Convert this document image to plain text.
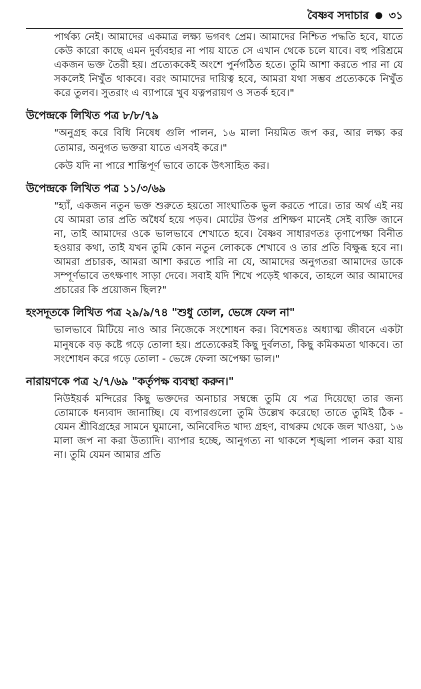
বৈষ্ণব সদাচার ● ৩১

পার্থক্য নেই। আমাদের একমাত্র লক্ষ্য ভগবৎ প্রেম। আমাদের নিশ্চিত পদ্ধতি হবে, যাতে কেউ কারো কাছে এমন দুর্ব্যবহার না পায় যাতে সে এখান থেকে চলে যাবে। বহু পরিশ্রমে একজন ভক্ত তৈরী হয়। প্রত্যেককেই অংশে পুর্নগঠিত হতে। তুমি আশা করতে পার না যে সকলেই নিখুঁত থাকবে। বরং আমাদের দায়িত্ব হবে, আমরা যথা সম্ভব প্রত্যেককে নিখুঁত করে তুলব। সুতরাং এ ব্যাপারে খুব যত্নপরায়ণ ও সতর্ক হবে।"

উপেন্দ্রকে লিখিত পত্র ৮/৮/৭৯

"অনুগ্রহ করে বিধি নিষেধ গুলি পালন, ১৬ মালা নিয়মিত জপ কর, আর লক্ষ্য কর তোমার, অনুগত ভক্তরা যাতে এসবই করে।"

কেউ যদি না পারে শান্তিপূর্ণ ভাবে তাকে উৎসাহিত কর।

উপেন্দ্রকে লিখিত পত্র ১১/৩/৬৯

"হ্যাঁ, একজন নতুন ভক্ত শুরুতে হয়তো সাংঘাতিক ভুল করতে পারে। তার অর্থ এই নয় যে আমরা তার প্রতি অধৈর্য হয়ে পড়ব। মোটের উপর প্রশিক্ষণ মানেই সেই ব্যক্তি জানে না, তাই আমাদের ওকে ভালভাবে শেখাতে হবে। বৈষ্ণব সাধারণতঃ তৃণাপেক্ষা বিনীত হওয়ার কথা, তাই যখন তুমি কোন নতুন লোককে শেখাবে ও তার প্রতি বিক্ষুব্ধ হবে না। আমরা প্রচারক, আমরা আশা করতে পারি না যে, আমাদের অনুগতরা আমাদের ডাকে সম্পূর্ণভাবে তৎক্ষণাৎ সাড়া দেবে। সবাই যদি শিখে পড়েই থাকবে, তাহলে আর আমাদের প্রচারের কি প্রয়োজন ছিল?"

হংসদূতকে লিখিত পত্র ২৯/৯/৭৪ "শুধু তোল, ভেঙ্গে ফেল না"

ভালভাবে মিটিয়ে নাও আর নিজেকে সংশোধন কর। বিশেষতঃ অধ্যাত্ম জীবনে একটা মানুষকে বড় কষ্টে গড়ে তোলা হয়। প্রত্যেকেরই কিছু দুর্বলতা, কিছু কমিকমতা থাকবে। তা সংশোধন করে গড়ে তোলা - ভেঙ্গে ফেলা অপেক্ষা ভাল।"

নারায়ণকে পত্র ২/৭/৬৯ "কর্তৃপক্ষ ব্যবস্থা করুন।"

নিউইয়র্ক মন্দিরের কিছু ভক্তদের অনাচার সম্বন্ধে তুমি যে পত্র দিয়েছো তার জন্য তোমাকে ধন্যবাদ জানাচ্ছি। যে ব্যপারগুলো তুমি উল্লেখ করেছো তাতে তুমিই ঠিক - যেমন শ্রীবিগ্রহের সামনে ঘুমানো, অনিবেদিত খাদ্য গ্রহণ, বাথরুম থেকে জল খাওয়া, ১৬ মালা জপ না করা উত্যাদি। ব্যাপার হচ্ছে, আনুগত্য না থাকলে শৃঙ্খলা পালন করা যায় না। তুমি যেমন আমার প্রতি
